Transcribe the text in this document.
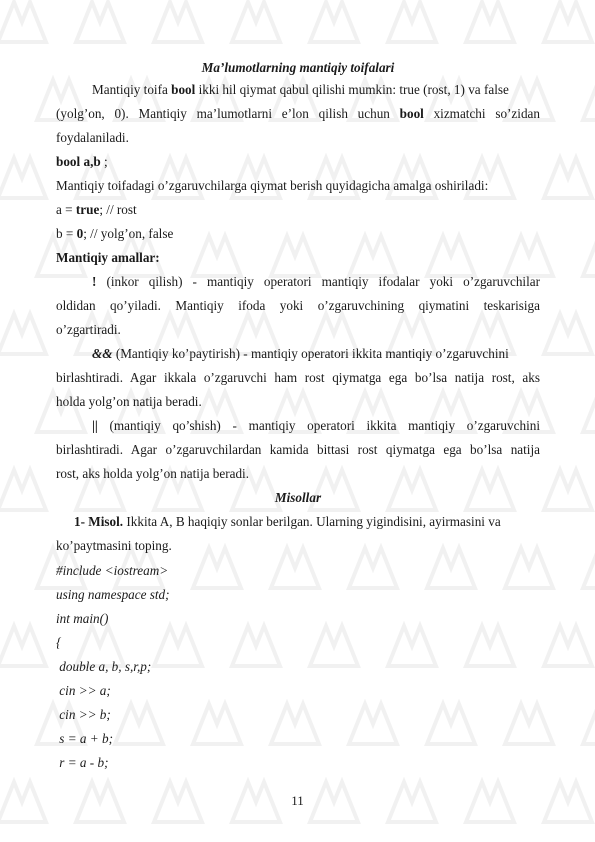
Ma’lumotlarning mantiqiy toifalari
Mantiqiy toifa bool ikki hil qiymat qabul qilishi mumkin: true (rost, 1) va false
(yolg’on, 0). Mantiqiy ma’lumotlarni e’lon qilish uchun bool xizmatchi so’zidan
foydalaniladi.
bool a,b ;
Mantiqiy toifadagi o’zgaruvchilarga qiymat berish quyidagicha amalga oshiriladi:
a = true; // rost
b = 0; // yolg’on, false
Mantiqiy amallar:
! (inkor qilish) - mantiqiy operatori mantiqiy ifodalar yoki o’zgaruvchilar
oldidan qo’yiladi. Mantiqiy ifoda yoki o’zgaruvchining qiymatini teskarisiga
o’zgartiradi.
&& (Mantiqiy ko’paytirish) - mantiqiy operatori ikkita mantiqiy o’zgaruvchini
birlashtiradi. Agar ikkala o’zgaruvchi ham rost qiymatga ega bo’lsa natija rost, aks
holda yolg’on natija beradi.
|| (mantiqiy qo’shish) - mantiqiy operatori ikkita mantiqiy o’zgaruvchini
birlashtiradi. Agar o’zgaruvchilardan kamida bittasi rost qiymatga ega bo’lsa natija
rost, aks holda yolg’on natija beradi.
Misollar
1- Misol. Ikkita A, B haqiqiy sonlar berilgan. Ularning yigindisini, ayirmasini va
ko’paytmasini toping.
#include <iostream>
using namespace std;
int main()
{
double a, b, s,r,p;
cin >> a;
cin >> b;
s = a + b;
r = a - b;
11
